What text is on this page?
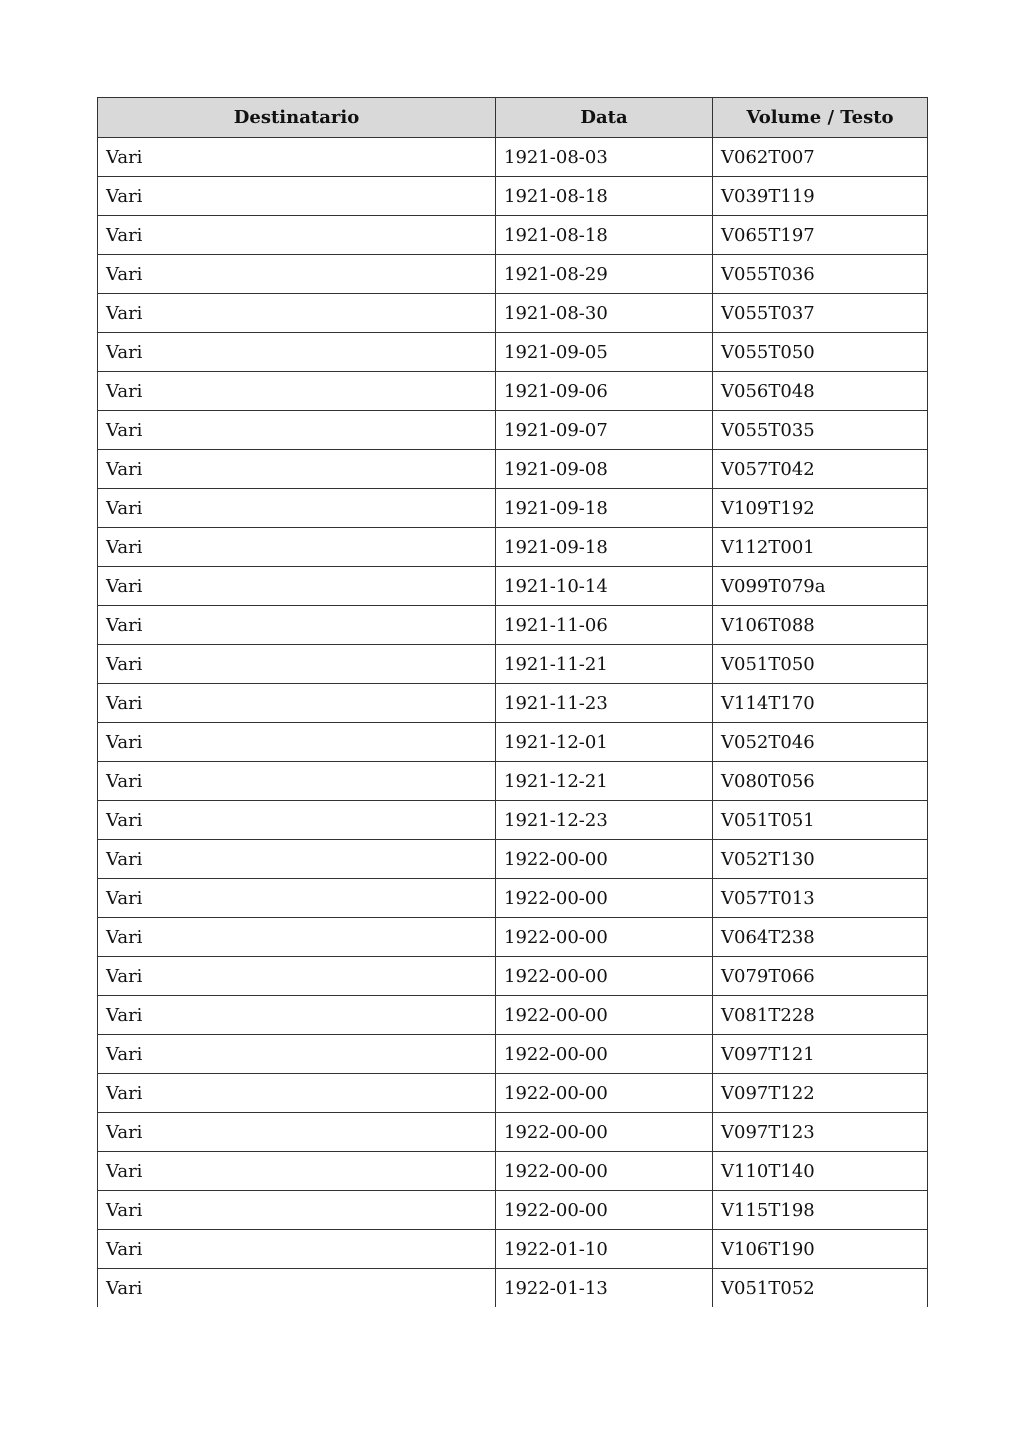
Destinatario	Data	Volume / Testo
Vari	1921-08-03	V062T007
Vari	1921-08-18	V039T119
Vari	1921-08-18	V065T197
Vari	1921-08-29	V055T036
Vari	1921-08-30	V055T037
Vari	1921-09-05	V055T050
Vari	1921-09-06	V056T048
Vari	1921-09-07	V055T035
Vari	1921-09-08	V057T042
Vari	1921-09-18	V109T192
Vari	1921-09-18	V112T001
Vari	1921-10-14	V099T079a
Vari	1921-11-06	V106T088
Vari	1921-11-21	V051T050
Vari	1921-11-23	V114T170
Vari	1921-12-01	V052T046
Vari	1921-12-21	V080T056
Vari	1921-12-23	V051T051
Vari	1922-00-00	V052T130
Vari	1922-00-00	V057T013
Vari	1922-00-00	V064T238
Vari	1922-00-00	V079T066
Vari	1922-00-00	V081T228
Vari	1922-00-00	V097T121
Vari	1922-00-00	V097T122
Vari	1922-00-00	V097T123
Vari	1922-00-00	V110T140
Vari	1922-00-00	V115T198
Vari	1922-01-10	V106T190
Vari	1922-01-13	V051T052
